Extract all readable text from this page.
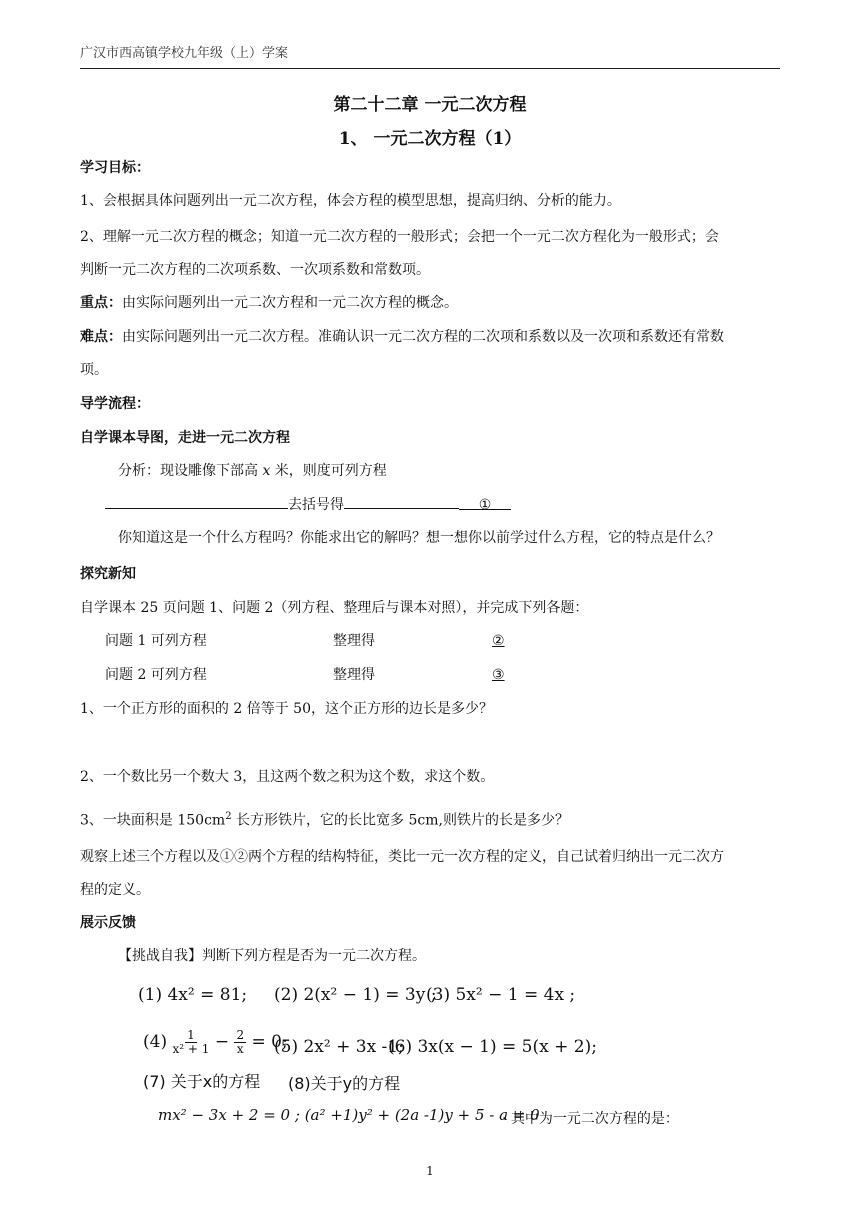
广汉市西高镇学校九年级（上）学案
第二十二章 一元二次方程
1、 一元二次方程（1）
学习目标：
1、会根据具体问题列出一元二次方程，体会方程的模型思想，提高归纳、分析的能力。
2、理解一元二次方程的概念；知道一元二次方程的一般形式；会把一个一元二次方程化为一般形式；会
判断一元二次方程的二次项系数、一次项系数和常数项。
重点：由实际问题列出一元二次方程和一元二次方程的概念。
难点：由实际问题列出一元二次方程。准确认识一元二次方程的二次项和系数以及一次项和系数还有常数
项。
导学流程：
自学课本导图，走进一元二次方程
分析：现设雕像下部高 x 米，则度可列方程
去括号得	①
你知道这是一个什么方程吗？你能求出它的解吗？想一想你以前学过什么方程，它的特点是什么？
探究新知
自学课本 25 页问题 1、问题 2（列方程、整理后与课本对照），并完成下列各题：
问题 1 可列方程	整理得	②
问题 2 可列方程	整理得	③
1、一个正方形的面积的 2 倍等于 50，这个正方形的边长是多少？
2、一个数比另一个数大 3，且这两个数之积为这个数，求这个数。
3、一块面积是 $150cm^2$ 长方形铁片，它的长比宽多 5cm,则铁片的长是多少？
观察上述三个方程以及①②两个方程的结构特征，类比一元一次方程的定义，自己试着归纳出一元二次方
程的定义。
展示反馈
【挑战自我】判断下列方程是否为一元二次方程。
(1) 4x² = 81; (2) 2(x² − 1) = 3y ;
(3) 5x² − 1 = 4x ;
$(4) \frac{1}{\text{x² + 1}} - \frac{2}{x} = 0$;
(5) 2x² + 3x -1;
(6) 3x(x − 1) = 5(x + 2);
(7) 关于x的方程 (8)关于y的方程
mx² − 3x + 2 = 0 ; (a² +1)y² + (2a -1)y + 5 - a = 0
· 其中为一元二次方程的是：
1
